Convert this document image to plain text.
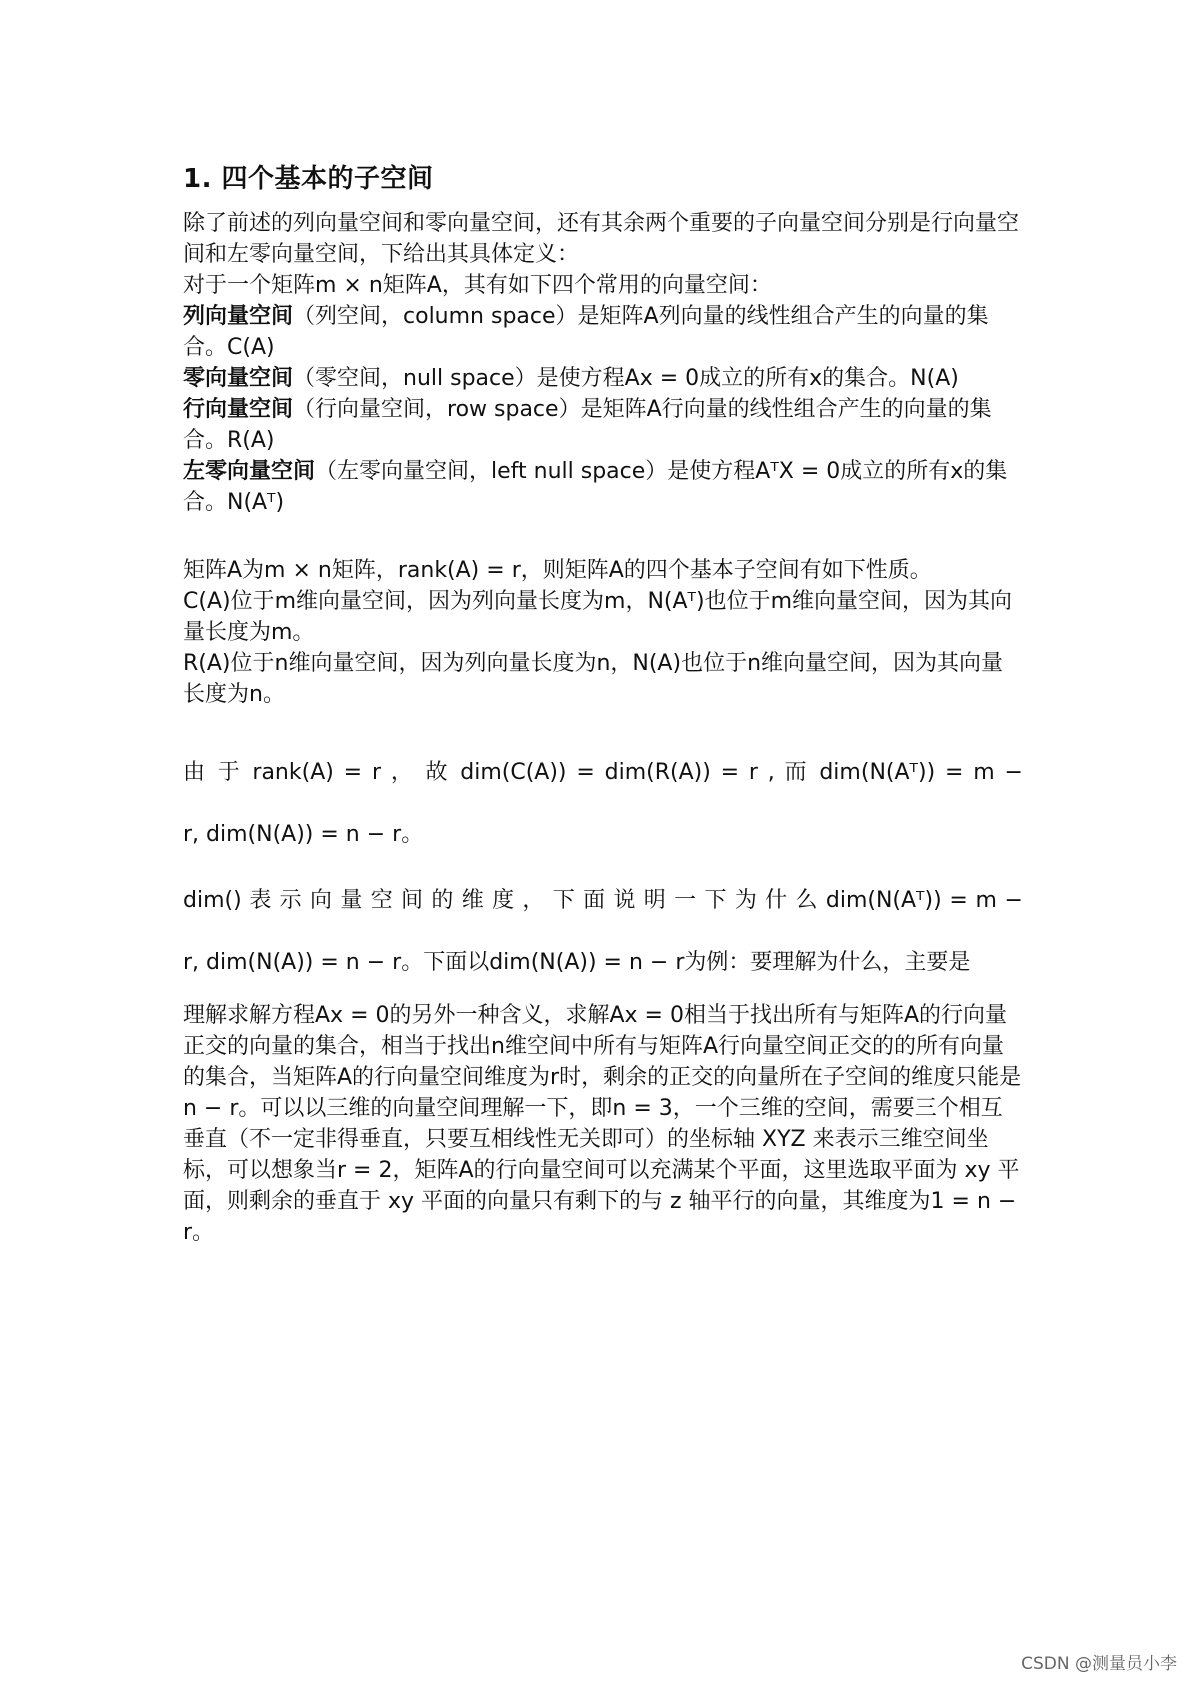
1. 四个基本的子空间

除了前述的列向量空间和零向量空间，还有其余两个重要的子向量空间分别是行向量空间和左零向量空间，下给出其具体定义：

对于一个矩阵m × n矩阵A，其有如下四个常用的向量空间：

列向量空间（列空间，column space）是矩阵A列向量的线性组合产生的向量的集合。C(A)

零向量空间（零空间，null space）是使方程Ax = 0成立的所有x的集合。N(A)

行向量空间（行向量空间，row space）是矩阵A行向量的线性组合产生的向量的集合。R(A)

左零向量空间（左零向量空间，left null space）是使方程AᵀX = 0成立的所有x的集合。N(Aᵀ)

矩阵A为m × n矩阵，rank(A) = r，则矩阵A的四个基本子空间有如下性质。

C(A)位于m维向量空间，因为列向量长度为m，N(Aᵀ)也位于m维向量空间，因为其向量长度为m。

R(A)位于n维向量空间，因为列向量长度为n，N(A)也位于n维向量空间，因为其向量长度为n。

由 于 rank(A) = r ， 故 dim(C(A)) = dim(R(A)) = r , 而 dim(N(Aᵀ)) = m −
r, dim(N(A)) = n − r。
dim() 表 示 向 量 空 间 的 维 度 ， 下 面 说 明 一 下 为 什 么 dim(N(Aᵀ)) = m −
r, dim(N(A)) = n − r。下面以dim(N(A)) = n − r为例：要理解为什么，主要是

理解求解方程Ax = 0的另外一种含义，求解Ax = 0相当于找出所有与矩阵A的行向量正交的向量的集合，相当于找出n维空间中所有与矩阵A行向量空间正交的的所有向量的集合，当矩阵A的行向量空间维度为r时，剩余的正交的向量所在子空间的维度只能是n − r。可以以三维的向量空间理解一下，即n = 3，一个三维的空间，需要三个相互垂直（不一定非得垂直，只要互相线性无关即可）的坐标轴 XYZ 来表示三维空间坐标，可以想象当r = 2，矩阵A的行向量空间可以充满某个平面，这里选取平面为 xy 平面，则剩余的垂直于 xy 平面的向量只有剩下的与 z 轴平行的向量，其维度为1 = n − r。

CSDN @测量员小李
